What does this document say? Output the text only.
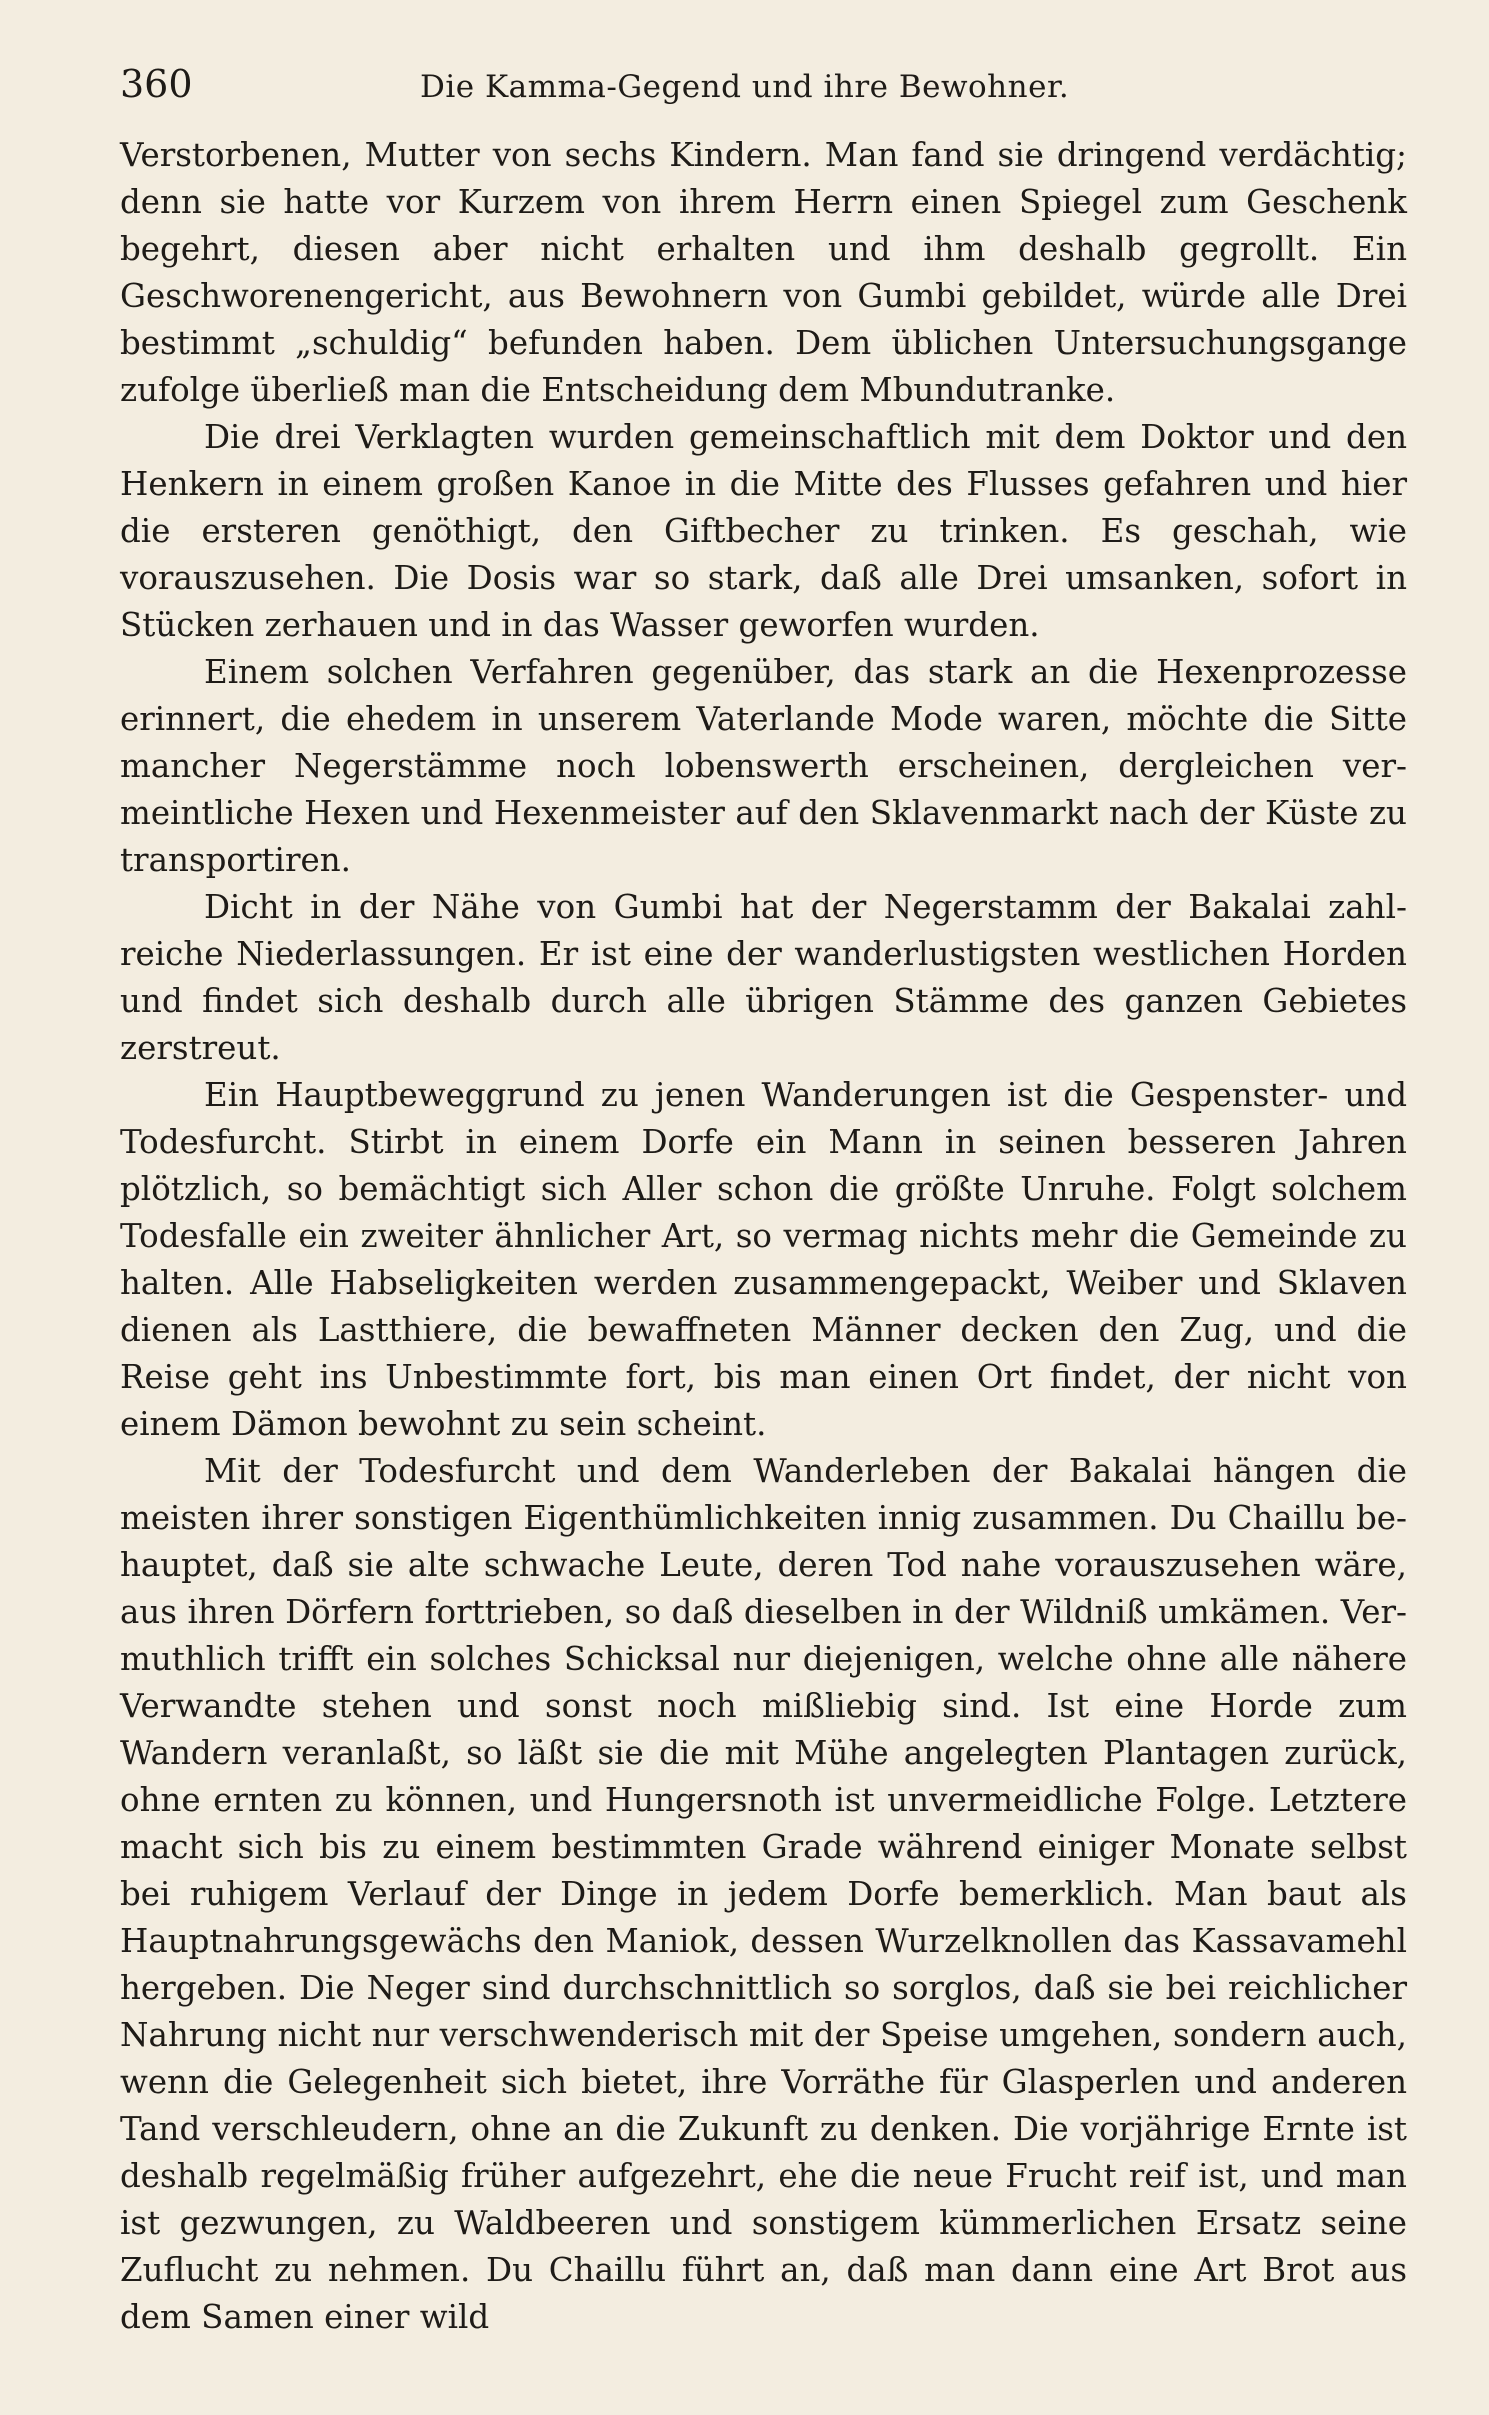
360	Die Kamma-Gegend und ihre Bewohner.

Verstorbenen, Mutter von sechs Kindern. Man fand sie dringend verdächtig; denn sie hatte vor Kurzem von ihrem Herrn einen Spiegel zum Geschenk begehrt, diesen aber nicht erhalten und ihm deshalb gegrollt. Ein Geschworenengericht, aus Bewohnern von Gumbi gebildet, würde alle Drei bestimmt „schuldig“ befunden haben. Dem üblichen Untersuchungsgange zufolge überließ man die Entscheidung dem Mbundutranke.

Die drei Verklagten wurden gemeinschaftlich mit dem Doktor und den Henkern in einem großen Kanoe in die Mitte des Flusses gefahren und hier die ersteren genöthigt, den Giftbecher zu trinken. Es geschah, wie vorauszusehen. Die Dosis war so stark, daß alle Drei umsanken, sofort in Stücken zerhauen und in das Wasser geworfen wurden.

Einem solchen Verfahren gegenüber, das stark an die Hexenprozesse erinnert, die ehedem in unserem Vaterlande Mode waren, möchte die Sitte mancher Negerstämme noch lobenswerth erscheinen, dergleichen vermeintliche Hexen und Hexenmeister auf den Sklavenmarkt nach der Küste zu transportiren.

Dicht in der Nähe von Gumbi hat der Negerstamm der Bakalai zahlreiche Niederlassungen. Er ist eine der wanderlustigsten westlichen Horden und findet sich deshalb durch alle übrigen Stämme des ganzen Gebietes zerstreut.

Ein Hauptbeweggrund zu jenen Wanderungen ist die Gespenster- und Todesfurcht. Stirbt in einem Dorfe ein Mann in seinen besseren Jahren plötzlich, so bemächtigt sich Aller schon die größte Unruhe. Folgt solchem Todesfalle ein zweiter ähnlicher Art, so vermag nichts mehr die Gemeinde zu halten. Alle Habseligkeiten werden zusammengepackt, Weiber und Sklaven dienen als Lastthiere, die bewaffneten Männer decken den Zug, und die Reise geht ins Unbestimmte fort, bis man einen Ort findet, der nicht von einem Dämon bewohnt zu sein scheint.

Mit der Todesfurcht und dem Wanderleben der Bakalai hängen die meisten ihrer sonstigen Eigenthümlichkeiten innig zusammen. Du Chaillu behauptet, daß sie alte schwache Leute, deren Tod nahe vorauszusehen wäre, aus ihren Dörfern forttrieben, so daß dieselben in der Wildniß umkämen. Vermuthlich trifft ein solches Schicksal nur diejenigen, welche ohne alle nähere Verwandte stehen und sonst noch mißliebig sind. Ist eine Horde zum Wandern veranlaßt, so läßt sie die mit Mühe angelegten Plantagen zurück, ohne ernten zu können, und Hungersnoth ist unvermeidliche Folge. Letztere macht sich bis zu einem bestimmten Grade während einiger Monate selbst bei ruhigem Verlauf der Dinge in jedem Dorfe bemerklich. Man baut als Hauptnahrungsgewächs den Maniok, dessen Wurzelknollen das Kassavamehl hergeben. Die Neger sind durchschnittlich so sorglos, daß sie bei reichlicher Nahrung nicht nur verschwenderisch mit der Speise umgehen, sondern auch, wenn die Gelegenheit sich bietet, ihre Vorräthe für Glasperlen und anderen Tand verschleudern, ohne an die Zukunft zu denken. Die vorjährige Ernte ist deshalb regelmäßig früher aufgezehrt, ehe die neue Frucht reif ist, und man ist gezwungen, zu Waldbeeren und sonstigem kümmerlichen Ersatz seine Zuflucht zu nehmen. Du Chaillu führt an, daß man dann eine Art Brot aus dem Samen einer wild
